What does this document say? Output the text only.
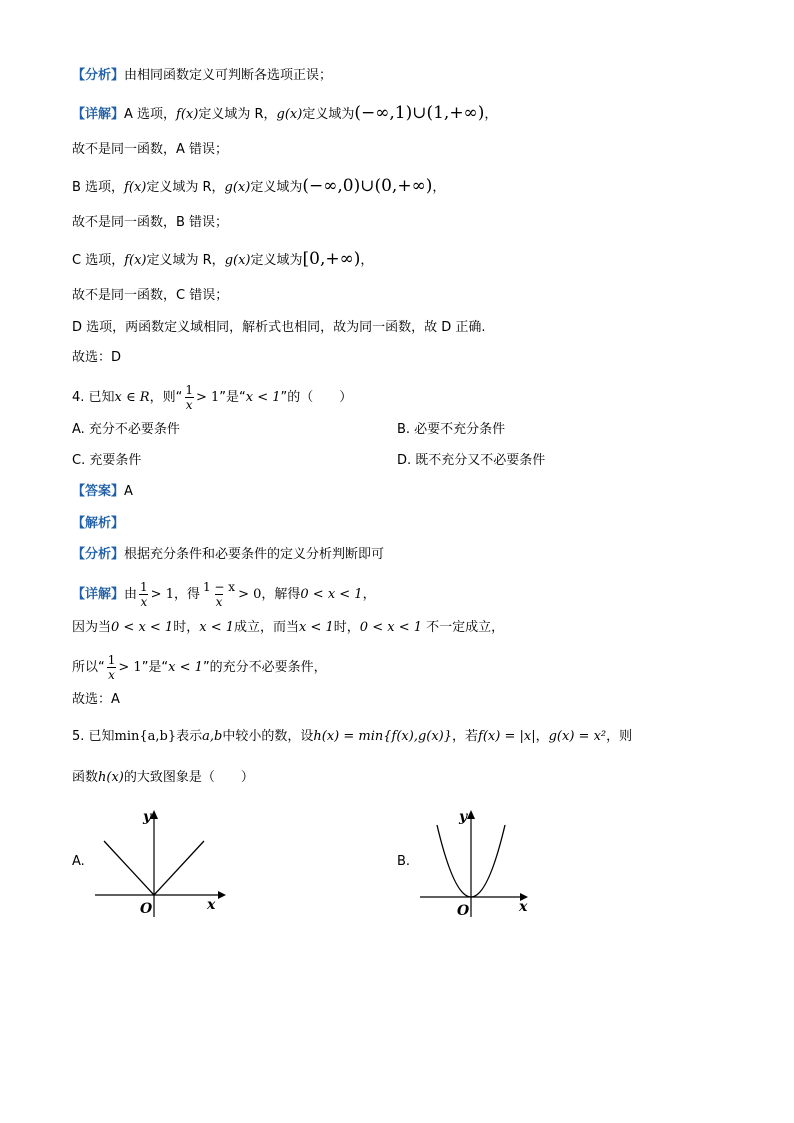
【分析】由相同函数定义可判断各选项正误；
【详解】A 选项，f(x)定义域为 R，g(x)定义域为(−∞,1)∪(1,+∞)，
故不是同一函数，A 错误；
B 选项，f(x)定义域为 R，g(x)定义域为(−∞,0)∪(0,+∞)，
故不是同一函数，B 错误；
C 选项，f(x)定义域为 R，g(x)定义域为[0,+∞)，
故不是同一函数，C 错误；
D 选项，两函数定义域相同，解析式也相同，故为同一函数，故 D 正确.
故选：D
4. 已知x ∈ R，则“ $\frac{1}{x} > 1$”是“x < 1”的（　　）
A. 充分不必要条件	B. 必要不充分条件
C. 充要条件	D. 既不充分又不必要条件
【答案】A
【解析】
【分析】根据充分条件和必要条件的定义分析判断即可
【详解】由 $\frac{1}{x} > 1$，得 $\frac{1 - x}{x} > 0$，解得0 < x < 1，
因为当0 < x < 1时，x < 1成立，而当x < 1时，0 < x < 1 不一定成立，
所以“ $\frac{1}{x} > 1$”是“x < 1”的充分不必要条件，
故选：A
5. 已知min{a,b}表示a,b中较小的数，设h(x) = min{f(x),g(x)}，若f(x) = |x|，g(x) = x²，则
函数h(x)的大致图象是（　　）
A.
y
x
O
B.
y
x
O
